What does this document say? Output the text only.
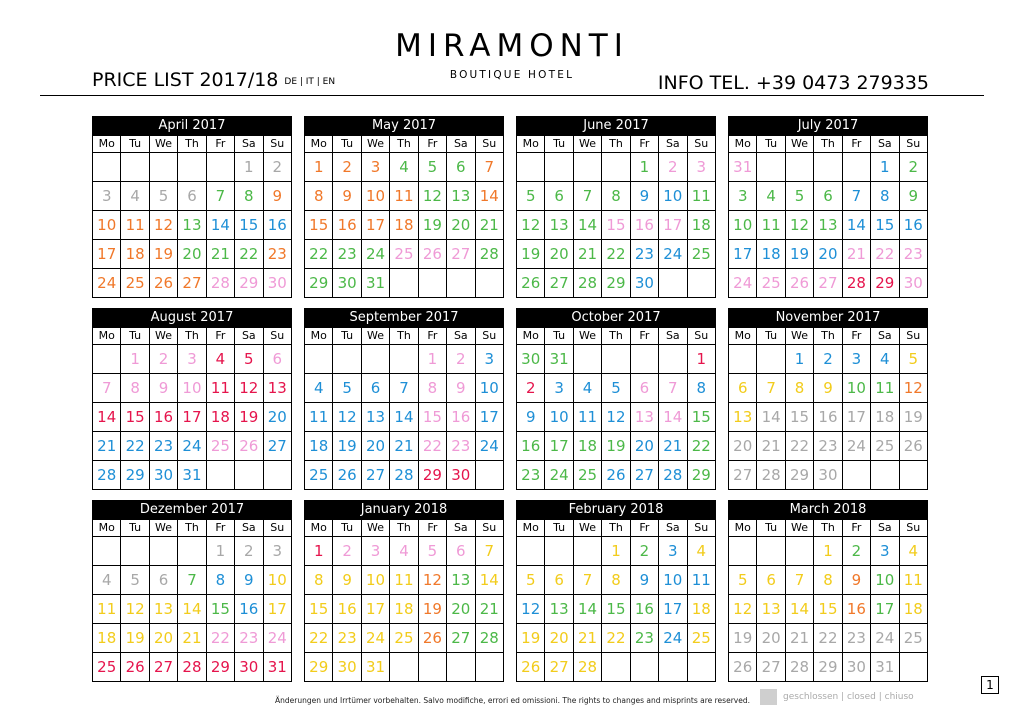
MIRAMONTI
BOUTIQUE HOTEL
PRICE LIST 2017/18 DE | IT | EN	INFO TEL. +39 0473 279335
April 2017
Mo	Tu	We	Th	Fr	Sa	Su
					1	2
3	4	5	6	7	8	9
10	11	12	13	14	15	16
17	18	19	20	21	22	23
24	25	26	27	28	29	30
May 2017
Mo	Tu	We	Th	Fr	Sa	Su
1	2	3	4	5	6	7
8	9	10	11	12	13	14
15	16	17	18	19	20	21
22	23	24	25	26	27	28
29	30	31				
June 2017
Mo	Tu	We	Th	Fr	Sa	Su
				1	2	3
5	6	7	8	9	10	11
12	13	14	15	16	17	18
19	20	21	22	23	24	25
26	27	28	29	30		
July 2017
Mo	Tu	We	Th	Fr	Sa	Su
31					1	2
3	4	5	6	7	8	9
10	11	12	13	14	15	16
17	18	19	20	21	22	23
24	25	26	27	28	29	30
August 2017
Mo	Tu	We	Th	Fr	Sa	Su
	1	2	3	4	5	6
7	8	9	10	11	12	13
14	15	16	17	18	19	20
21	22	23	24	25	26	27
28	29	30	31			
September 2017
Mo	Tu	We	Th	Fr	Sa	Su
				1	2	3
4	5	6	7	8	9	10
11	12	13	14	15	16	17
18	19	20	21	22	23	24
25	26	27	28	29	30	
October 2017
Mo	Tu	We	Th	Fr	Sa	Su
30	31					1
2	3	4	5	6	7	8
9	10	11	12	13	14	15
16	17	18	19	20	21	22
23	24	25	26	27	28	29
November 2017
Mo	Tu	We	Th	Fr	Sa	Su
		1	2	3	4	5
6	7	8	9	10	11	12
13	14	15	16	17	18	19
20	21	22	23	24	25	26
27	28	29	30			
Dezember 2017
Mo	Tu	We	Th	Fr	Sa	Su
				1	2	3
4	5	6	7	8	9	10
11	12	13	14	15	16	17
18	19	20	21	22	23	24
25	26	27	28	29	30	31
January 2018
Mo	Tu	We	Th	Fr	Sa	Su
1	2	3	4	5	6	7
8	9	10	11	12	13	14
15	16	17	18	19	20	21
22	23	24	25	26	27	28
29	30	31				
February 2018
Mo	Tu	We	Th	Fr	Sa	Su
			1	2	3	4
5	6	7	8	9	10	11
12	13	14	15	16	17	18
19	20	21	22	23	24	25
26	27	28				
March 2018
Mo	Tu	We	Th	Fr	Sa	Su
			1	2	3	4
5	6	7	8	9	10	11
12	13	14	15	16	17	18
19	20	21	22	23	24	25
26	27	28	29	30	31	
Änderungen und Irrtümer vorbehalten. Salvo modifiche, errori ed omissioni. The rights to changes and misprints are reserved.	geschlossen | closed | chiuso
1
